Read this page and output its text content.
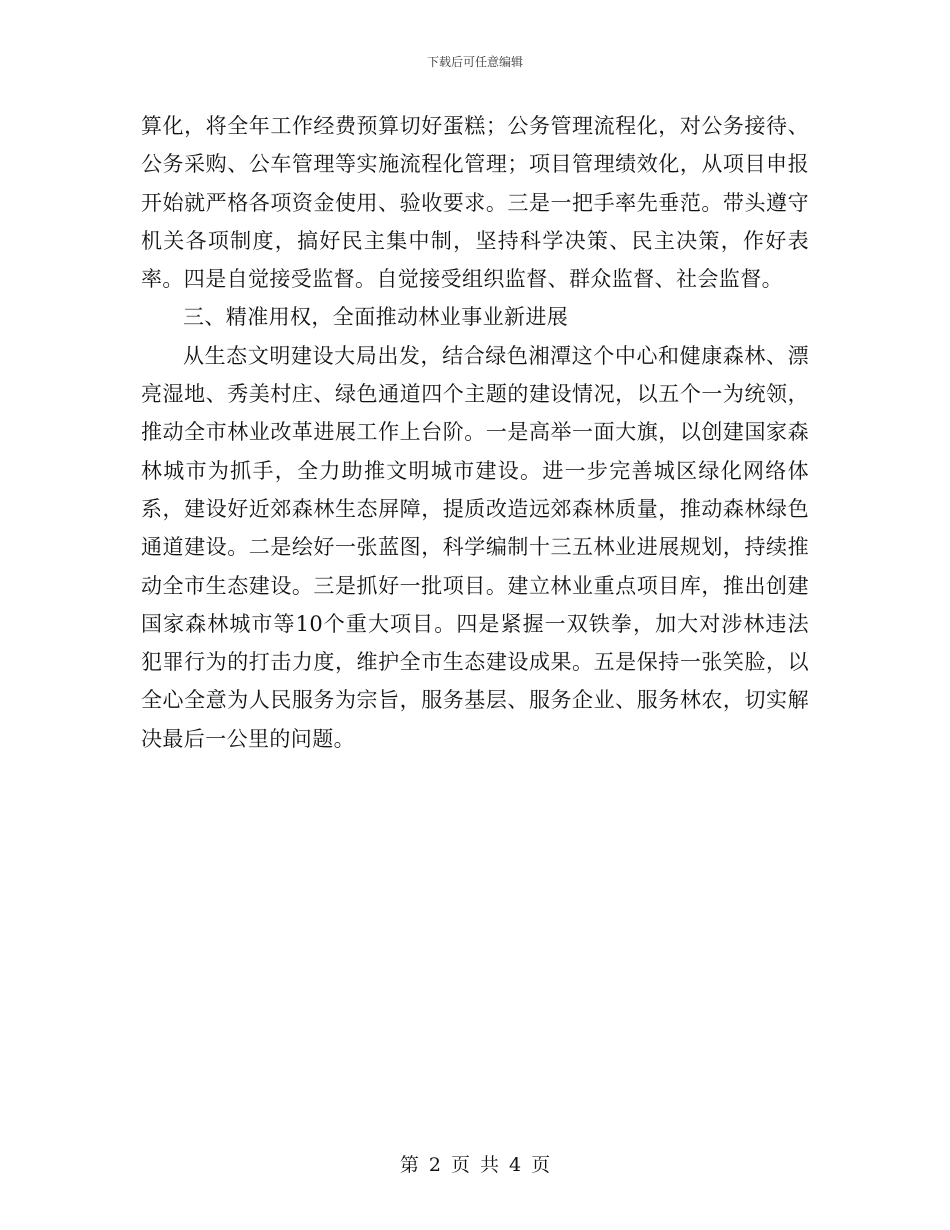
下载后可任意编辑

算化，将全年工作经费预算切好蛋糕；公务管理流程化，对公务接待、公务采购、公车管理等实施流程化管理；项目管理绩效化，从项目申报开始就严格各项资金使用、验收要求。三是一把手率先垂范。带头遵守机关各项制度，搞好民主集中制，坚持科学决策、民主决策，作好表率。四是自觉接受监督。自觉接受组织监督、群众监督、社会监督。

三、精准用权，全面推动林业事业新进展

从生态文明建设大局出发，结合绿色湘潭这个中心和健康森林、漂亮湿地、秀美村庄、绿色通道四个主题的建设情况，以五个一为统领，推动全市林业改革进展工作上台阶。一是高举一面大旗，以创建国家森林城市为抓手，全力助推文明城市建设。进一步完善城区绿化网络体系，建设好近郊森林生态屏障，提质改造远郊森林质量，推动森林绿色通道建设。二是绘好一张蓝图，科学编制十三五林业进展规划，持续推动全市生态建设。三是抓好一批项目。建立林业重点项目库，推出创建国家森林城市等10个重大项目。四是紧握一双铁拳，加大对涉林违法犯罪行为的打击力度，维护全市生态建设成果。五是保持一张笑脸，以全心全意为人民服务为宗旨，服务基层、服务企业、服务林农，切实解决最后一公里的问题。

第 2 页 共 4 页
